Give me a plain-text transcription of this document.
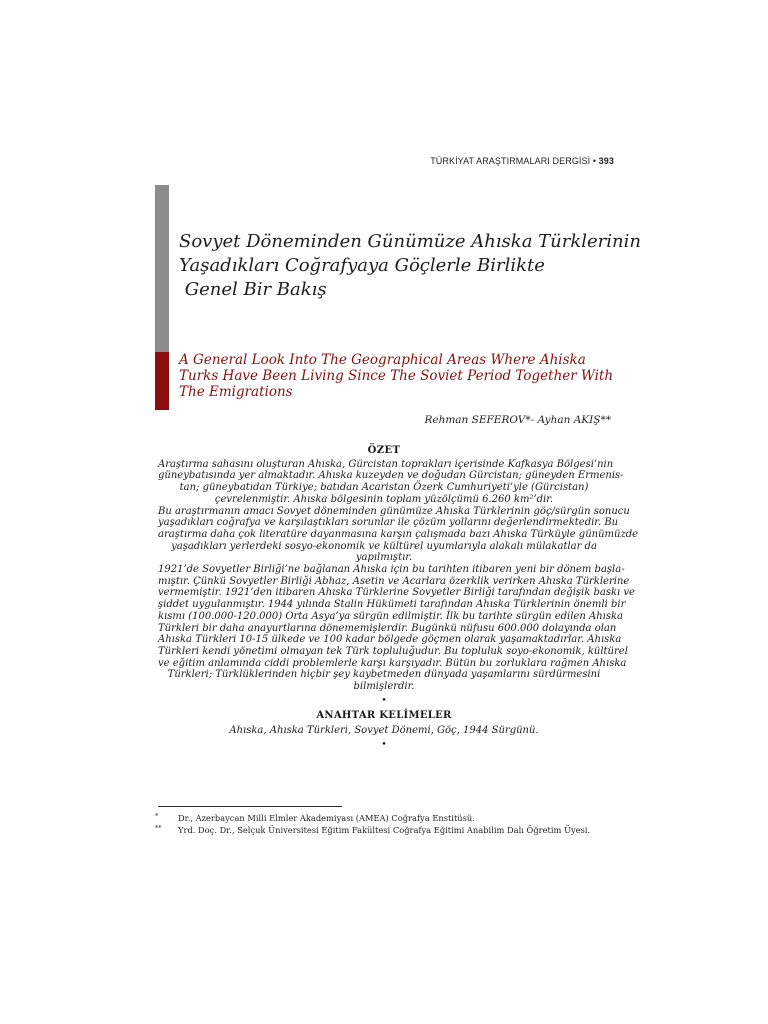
TÜRKİYAT ARAŞTIRMALARI DERGİSİ • 393
Sovyet Döneminden Günümüze Ahıska Türklerinin
Yaşadıkları Coğrafyaya Göçlerle Birlikte
Genel Bir Bakış
A General Look Into The Geographical Areas Where Ahiska
Turks Have Been Living Since The Soviet Period Together With
The Emigrations
Rehman SEFEROV*- Ayhan AKIŞ**
ÖZET
Araştırma sahasını oluşturan Ahıska, Gürcistan toprakları içerisinde Kafkasya Bölgesi’nin
güneybatısında yer almaktadır. Ahıska kuzeyden ve doğudan Gürcistan; güneyden Ermenis-
tan; güneybatıdan Türkiye; batıdan Acaristan Özerk Cumhuriyeti’yle (Gürcistan)
çevrelenmiştir. Ahıska bölgesinin toplam yüzölçümü 6.260 km²’dir.
Bu araştırmanın amacı Sovyet döneminden günümüze Ahıska Türklerinin göç/sürgün sonucu
yaşadıkları coğrafya ve karşılaştıkları sorunlar ile çözüm yollarını değerlendirmektedir. Bu
araştırma daha çok literatüre dayanmasına karşın çalışmada bazı Ahıska Türküyle günümüzde
yaşadıkları yerlerdeki sosyo-ekonomik ve kültürel uyumlarıyla alakalı mülakatlar da
yapılmıştır.
1921’de Sovyetler Birliği’ne bağlanan Ahıska için bu tarihten itibaren yeni bir dönem başla-
mıştır. Çünkü Sovyetler Birliği Abhaz, Asetin ve Acarlara özerklik verirken Ahıska Türklerine
vermemiştir. 1921’den itibaren Ahıska Türklerine Sovyetler Birliği tarafından değişik baskı ve
şiddet uygulanmıştır. 1944 yılında Stalin Hükümeti tarafından Ahıska Türklerinin önemli bir
kısmı (100.000-120.000) Orta Asya’ya sürgün edilmiştir. İlk bu tarihte sürgün edilen Ahıska
Türkleri bir daha anayurtlarına dönememişlerdir. Bugünkü nüfusu 600.000 dolayında olan
Ahıska Türkleri 10-15 ülkede ve 100 kadar bölgede göçmen olarak yaşamaktadırlar. Ahıska
Türkleri kendi yönetimi olmayan tek Türk topluluğudur. Bu topluluk soyo-ekonomik, kültürel
ve eğitim anlamında ciddi problemlerle karşı karşıyadır. Bütün bu zorluklara rağmen Ahıska
Türkleri; Türklüklerinden hiçbir şey kaybetmeden dünyada yaşamlarını sürdürmesini
bilmişlerdir.
•
ANAHTAR KELİMELER
Ahıska, Ahıska Türkleri, Sovyet Dönemi, Göç, 1944 Sürgünü.
•
*	Dr., Azerbaycan Milli Elmler Akademiyası (AMEA) Coğrafya Enstitüsü.
**	Yrd. Doç. Dr., Selçuk Üniversitesi Eğitim Fakültesi Coğrafya Eğitimi Anabilim Dalı Öğretim Üyesi.
